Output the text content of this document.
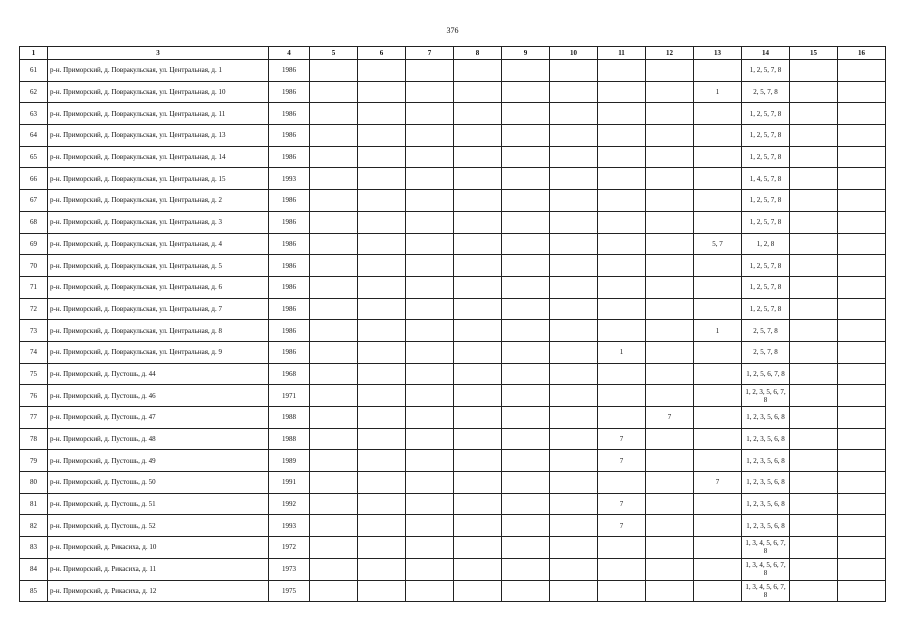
376
1	3	4	5	6	7	8	9	10	11	12	13	14	15	16
61	р-н. Приморский, д. Повракульская, ул. Центральная, д. 1	1986										1, 2, 5, 7, 8		
62	р-н. Приморский, д. Повракульская, ул. Центральная, д. 10	1986									1	2, 5, 7, 8		
63	р-н. Приморский, д. Повракульская, ул. Центральная, д. 11	1986										1, 2, 5, 7, 8		
64	р-н. Приморский, д. Повракульская, ул. Центральная, д. 13	1986										1, 2, 5, 7, 8		
65	р-н. Приморский, д. Повракульская, ул. Центральная, д. 14	1986										1, 2, 5, 7, 8		
66	р-н. Приморский, д. Повракульская, ул. Центральная, д. 15	1993										1, 4, 5, 7, 8		
67	р-н. Приморский, д. Повракульская, ул. Центральная, д. 2	1986										1, 2, 5, 7, 8		
68	р-н. Приморский, д. Повракульская, ул. Центральная, д. 3	1986										1, 2, 5, 7, 8		
69	р-н. Приморский, д. Повракульская, ул. Центральная, д. 4	1986									5, 7	1, 2, 8		
70	р-н. Приморский, д. Повракульская, ул. Центральная, д. 5	1986										1, 2, 5, 7, 8		
71	р-н. Приморский, д. Повракульская, ул. Центральная, д. 6	1986										1, 2, 5, 7, 8		
72	р-н. Приморский, д. Повракульская, ул. Центральная, д. 7	1986										1, 2, 5, 7, 8		
73	р-н. Приморский, д. Повракульская, ул. Центральная, д. 8	1986									1	2, 5, 7, 8		
74	р-н. Приморский, д. Повракульская, ул. Центральная, д. 9	1986							1			2, 5, 7, 8		
75	р-н. Приморский, д. Пустошь, д. 44	1968										1, 2, 5, 6, 7, 8		
76	р-н. Приморский, д. Пустошь, д. 46	1971										1, 2, 3, 5, 6, 7, 8		
77	р-н. Приморский, д. Пустошь, д. 47	1988								7		1, 2, 3, 5, 6, 8		
78	р-н. Приморский, д. Пустошь, д. 48	1988							7			1, 2, 3, 5, 6, 8		
79	р-н. Приморский, д. Пустошь, д. 49	1989							7			1, 2, 3, 5, 6, 8		
80	р-н. Приморский, д. Пустошь, д. 50	1991									7	1, 2, 3, 5, 6, 8		
81	р-н. Приморский, д. Пустошь, д. 51	1992							7			1, 2, 3, 5, 6, 8		
82	р-н. Приморский, д. Пустошь, д. 52	1993							7			1, 2, 3, 5, 6, 8		
83	р-н. Приморский, д. Рикасиха, д. 10	1972										1, 3, 4, 5, 6, 7, 8		
84	р-н. Приморский, д. Рикасиха, д. 11	1973										1, 3, 4, 5, 6, 7, 8		
85	р-н. Приморский, д. Рикасиха, д. 12	1975										1, 3, 4, 5, 6, 7, 8		
